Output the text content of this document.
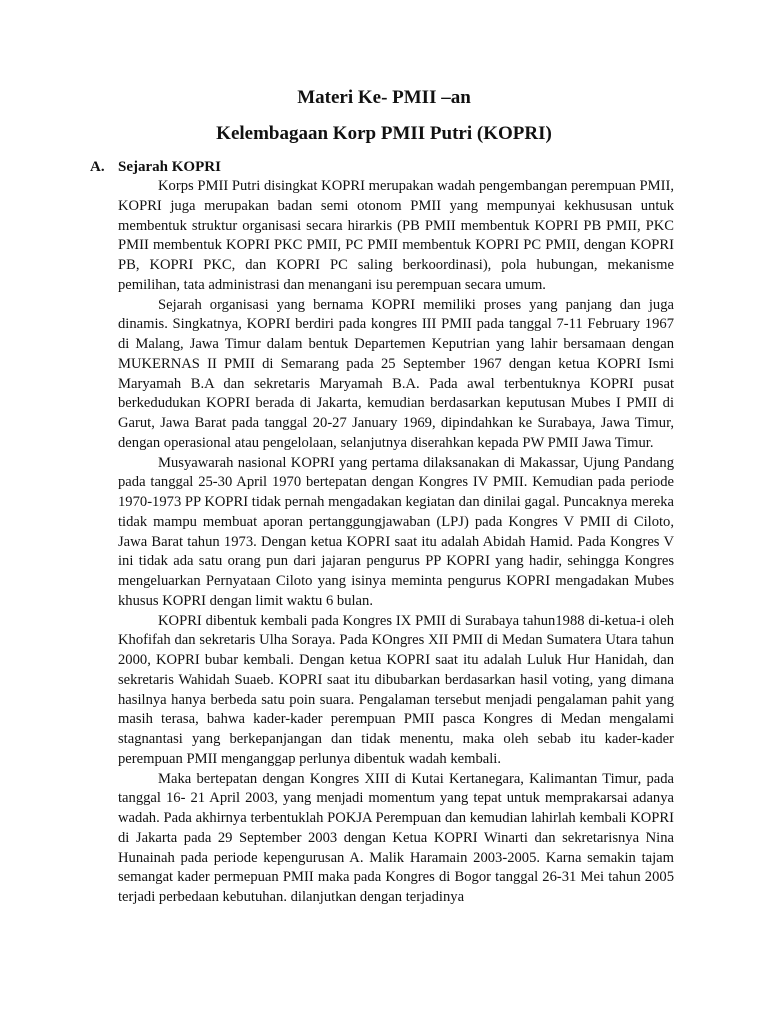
Materi Ke- PMII –an
Kelembagaan Korp PMII Putri (KOPRI)
A. Sejarah KOPRI

Korps PMII Putri disingkat KOPRI merupakan wadah pengembangan perempuan PMII, KOPRI juga merupakan badan semi otonom PMII yang mempunyai kekhususan untuk membentuk struktur organisasi secara hirarkis (PB PMII membentuk KOPRI PB PMII, PKC PMII membentuk KOPRI PKC PMII, PC PMII membentuk KOPRI PC PMII, dengan KOPRI PB, KOPRI PKC, dan KOPRI PC saling berkoordinasi), pola hubungan, mekanisme pemilihan, tata administrasi dan menangani isu perempuan secara umum.

Sejarah organisasi yang bernama KOPRI memiliki proses yang panjang dan juga dinamis. Singkatnya, KOPRI berdiri pada kongres III PMII pada tanggal 7-11 February 1967 di Malang, Jawa Timur dalam bentuk Departemen Keputrian yang lahir bersamaan dengan MUKERNAS II PMII di Semarang pada 25 September 1967 dengan ketua KOPRI Ismi Maryamah B.A dan sekretaris Maryamah B.A. Pada awal terbentuknya KOPRI pusat berkedudukan KOPRI berada di Jakarta, kemudian berdasarkan keputusan Mubes I PMII di Garut, Jawa Barat pada tanggal 20-27 January 1969, dipindahkan ke Surabaya, Jawa Timur, dengan operasional atau pengelolaan, selanjutnya diserahkan kepada PW PMII Jawa Timur.

Musyawarah nasional KOPRI yang pertama dilaksanakan di Makassar, Ujung Pandang pada tanggal 25-30 April 1970 bertepatan dengan Kongres IV PMII. Kemudian pada periode 1970-1973 PP KOPRI tidak pernah mengadakan kegiatan dan dinilai gagal. Puncaknya mereka tidak mampu membuat aporan pertanggungjawaban (LPJ) pada Kongres V PMII di Ciloto, Jawa Barat tahun 1973. Dengan ketua KOPRI saat itu adalah Abidah Hamid. Pada Kongres V ini tidak ada satu orang pun dari jajaran pengurus PP KOPRI yang hadir, sehingga Kongres mengeluarkan Pernyataan Ciloto yang isinya meminta pengurus KOPRI mengadakan Mubes khusus KOPRI dengan limit waktu 6 bulan.

KOPRI dibentuk kembali pada Kongres IX PMII di Surabaya tahun1988 di-ketua-i oleh Khofifah dan sekretaris Ulha Soraya. Pada KOngres XII PMII di Medan Sumatera Utara tahun 2000, KOPRI bubar kembali. Dengan ketua KOPRI saat itu adalah Luluk Hur Hanidah, dan sekretaris Wahidah Suaeb. KOPRI saat itu dibubarkan berdasarkan hasil voting, yang dimana hasilnya hanya berbeda satu poin suara. Pengalaman tersebut menjadi pengalaman pahit yang masih terasa, bahwa kader-kader perempuan PMII pasca Kongres di Medan mengalami stagnantasi yang berkepanjangan dan tidak menentu, maka oleh sebab itu kader-kader perempuan PMII menganggap perlunya dibentuk wadah kembali.

Maka bertepatan dengan Kongres XIII di Kutai Kertanegara, Kalimantan Timur, pada tanggal 16- 21 April 2003, yang menjadi momentum yang tepat untuk memprakarsai adanya wadah. Pada akhirnya terbentuklah POKJA Perempuan dan kemudian lahirlah kembali KOPRI di Jakarta pada 29 September 2003 dengan Ketua KOPRI Winarti dan sekretarisnya Nina Hunainah pada periode kepengurusan A. Malik Haramain 2003-2005. Karna semakin tajam semangat kader permepuan PMII maka pada Kongres di Bogor tanggal 26-31 Mei tahun 2005 terjadi perbedaan kebutuhan. dilanjutkan dengan terjadinya
